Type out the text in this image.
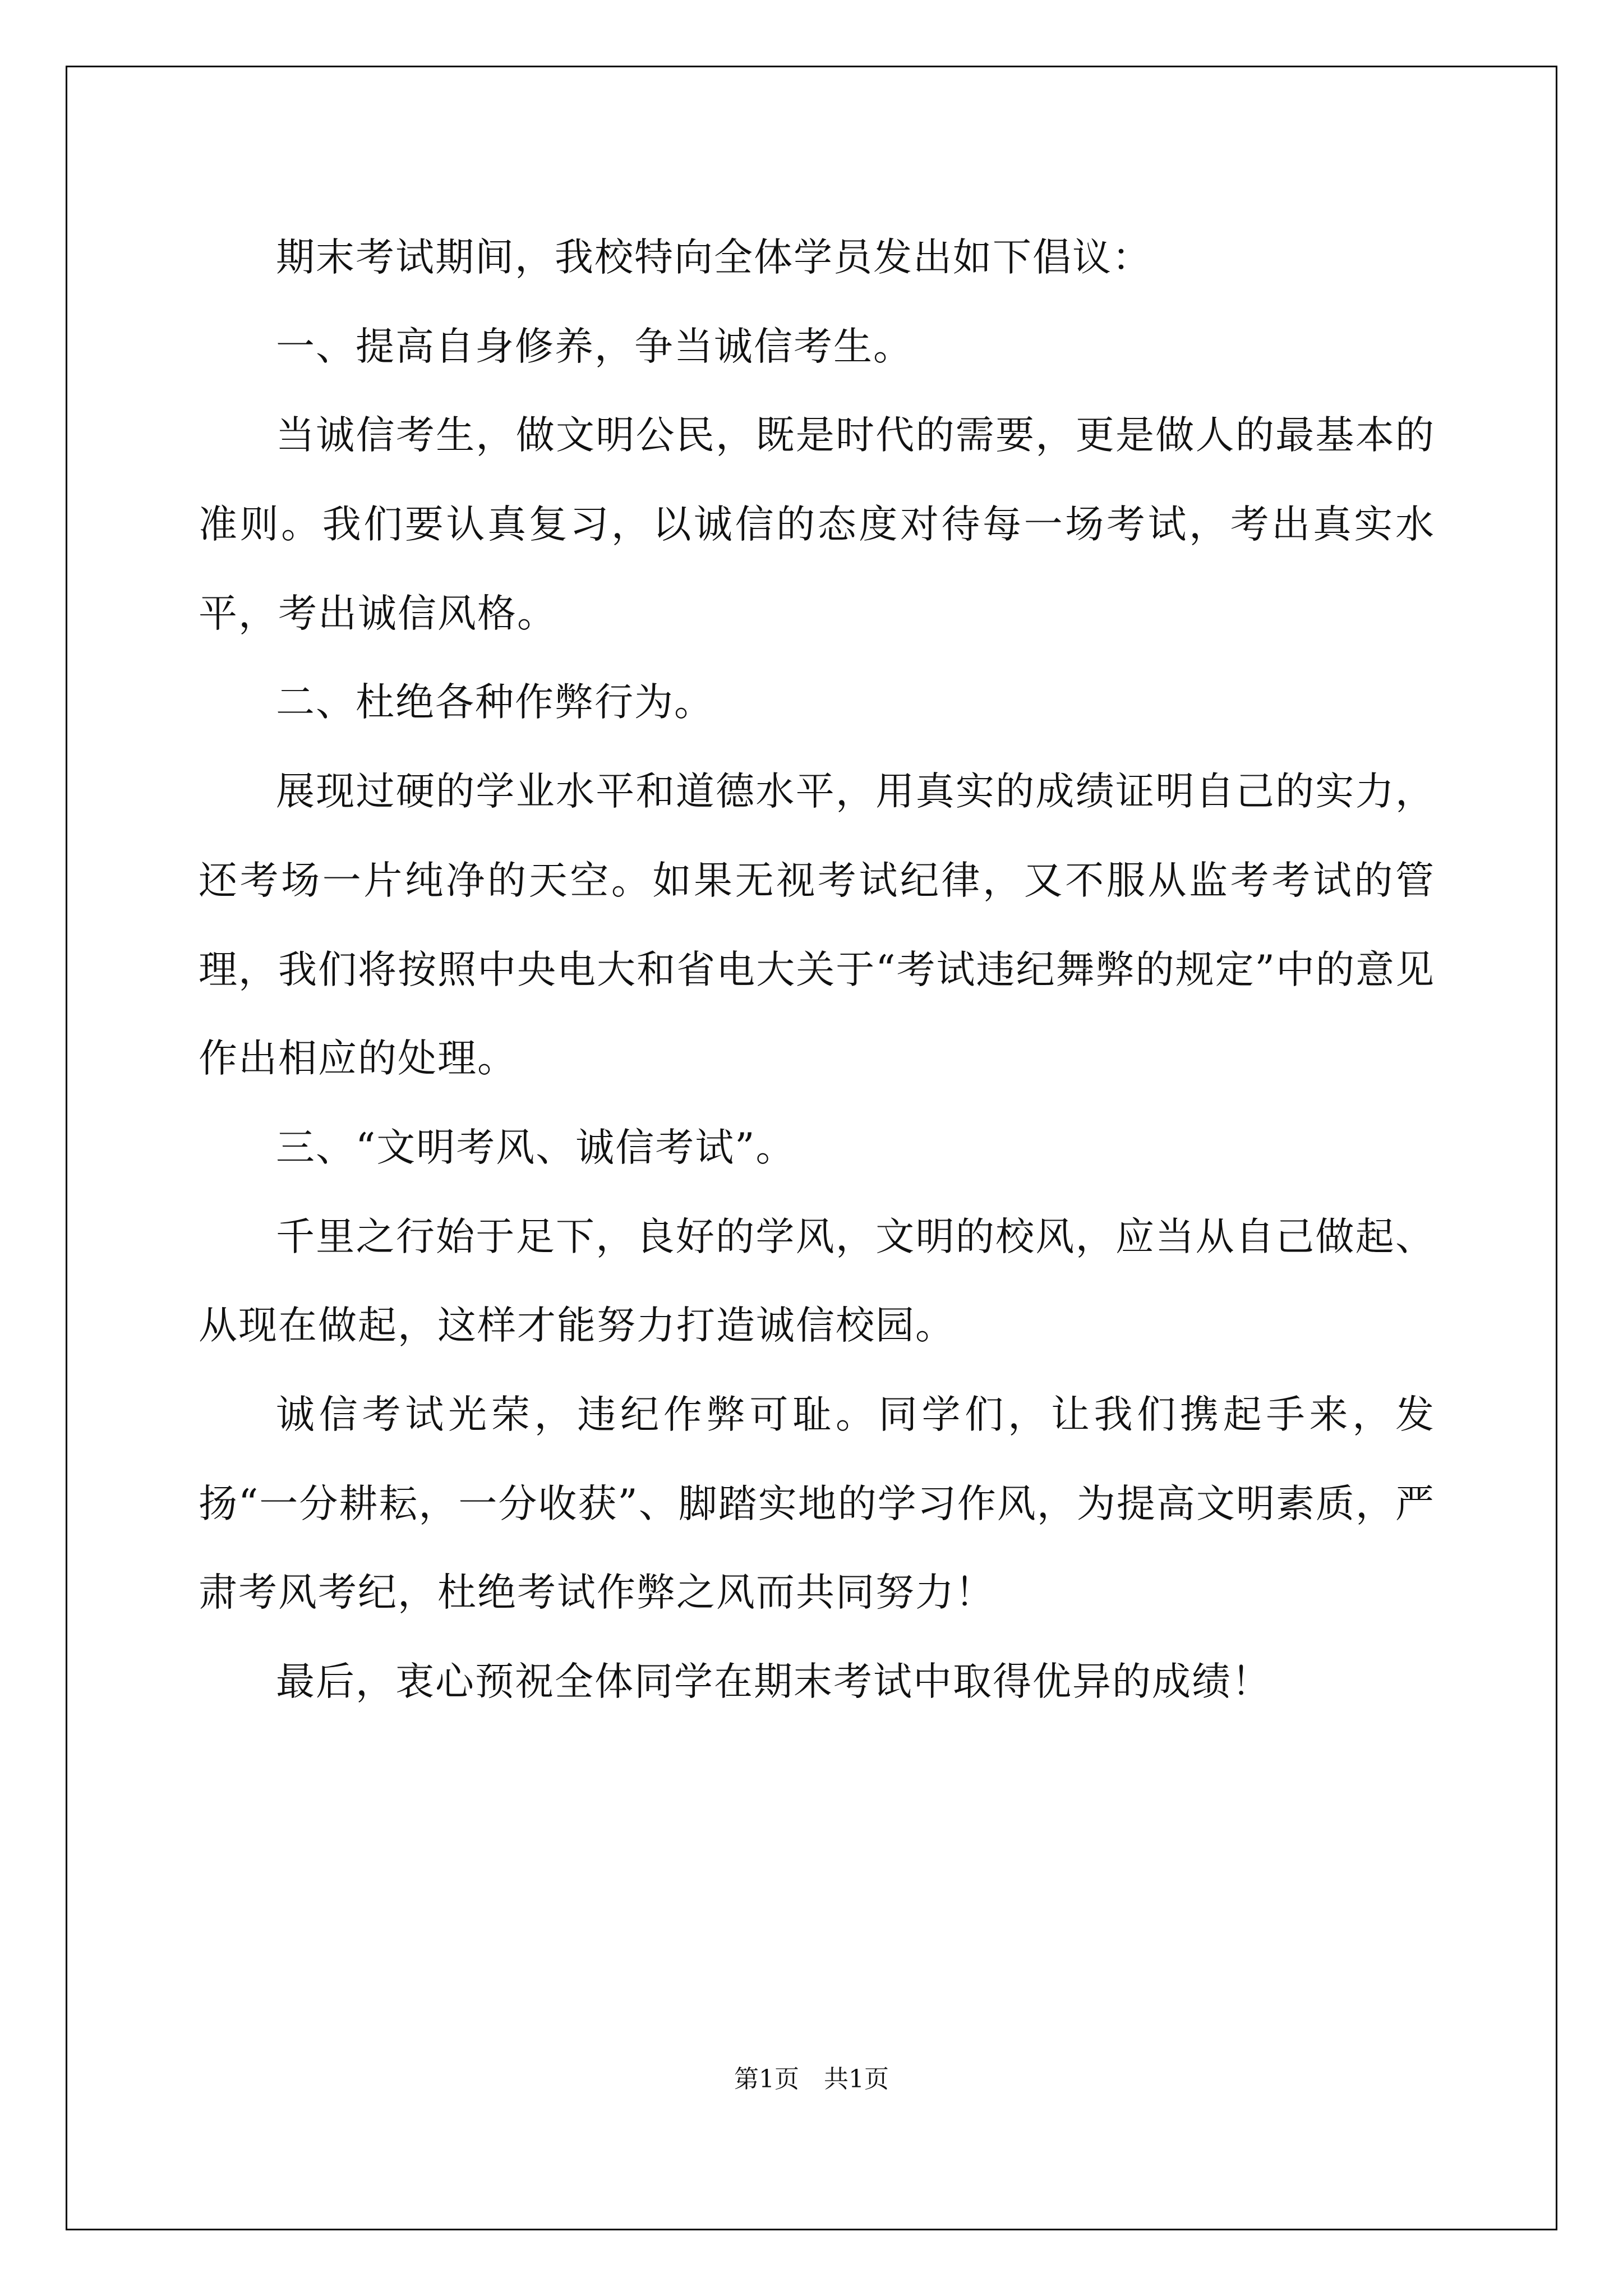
期末考试期间，我校特向全体学员发出如下倡议：

一、提高自身修养，争当诚信考生。

当诚信考生，做文明公民，既是时代的需要，更是做人的最基本的准则。我们要认真复习，以诚信的态度对待每一场考试，考出真实水平，考出诚信风格。

二、杜绝各种作弊行为。

展现过硬的学业水平和道德水平，用真实的成绩证明自己的实力，还考场一片纯净的天空。如果无视考试纪律，又不服从监考考试的管理，我们将按照中央电大和省电大关于“考试违纪舞弊的规定”中的意见作出相应的处理。

三、“文明考风、诚信考试”。

千里之行始于足下，良好的学风，文明的校风，应当从自己做起、从现在做起，这样才能努力打造诚信校园。

诚信考试光荣，违纪作弊可耻。同学们，让我们携起手来，发扬“一分耕耘，一分收获”、脚踏实地的学习作风，为提高文明素质，严肃考风考纪，杜绝考试作弊之风而共同努力！

最后，衷心预祝全体同学在期末考试中取得优异的成绩！

第1页　共1页
